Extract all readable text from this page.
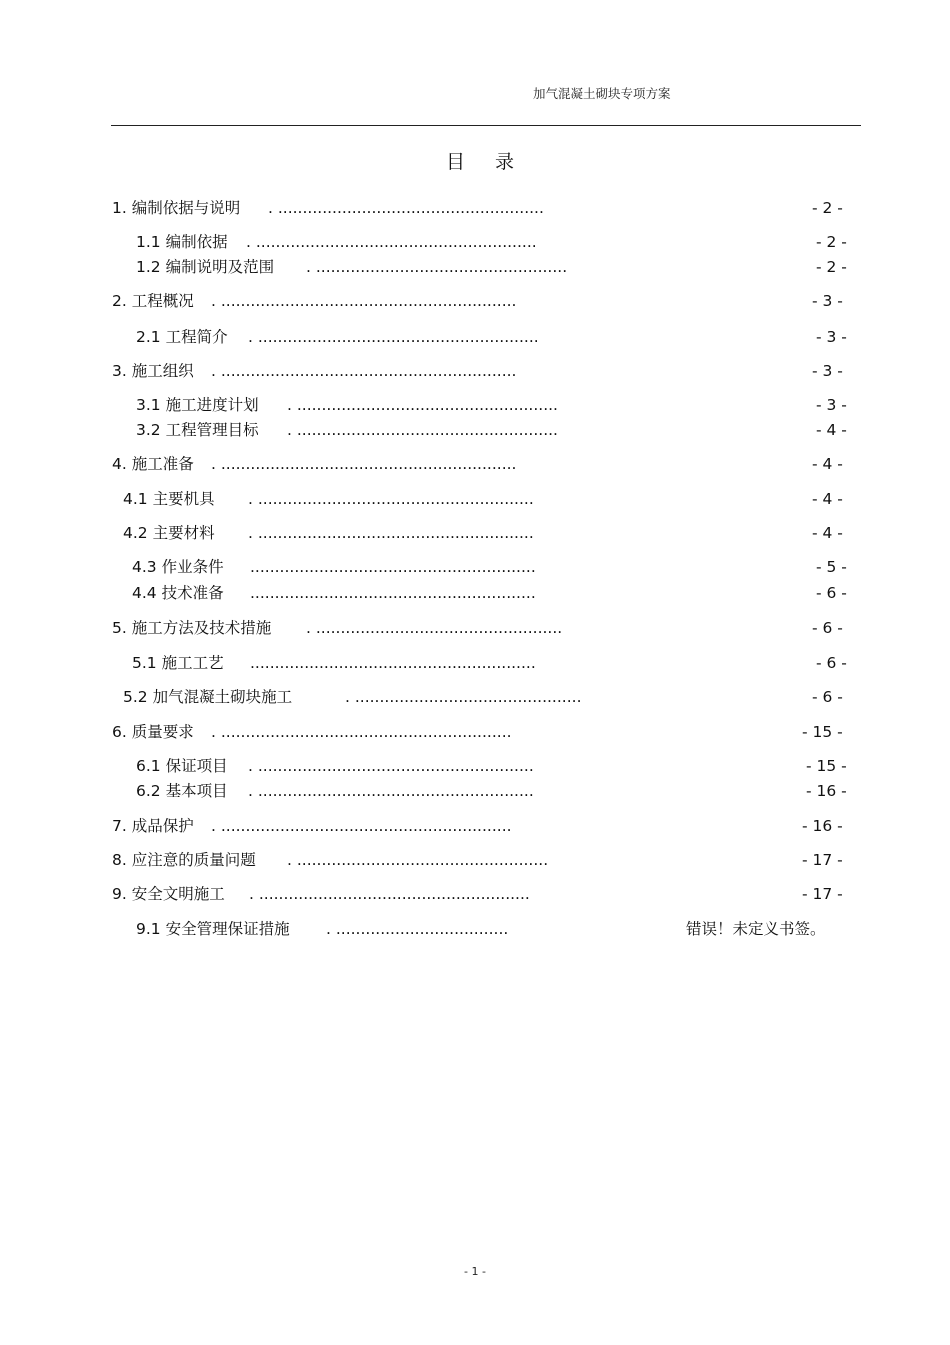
加气混凝土砌块专项方案
目 录
1. 编制依据与说明 . ......................................................	- 2 -
1.1 编制依据 . .........................................................	- 2 -
1.2 编制说明及范围 . ...................................................	- 2 -
2. 工程概况 . ............................................................	- 3 -
2.1 工程简介 . .........................................................	- 3 -
3. 施工组织 . ............................................................	- 3 -
3.1 施工进度计划 . .....................................................	- 3 -
3.2 工程管理目标 . .....................................................	- 4 -
4. 施工准备 . ............................................................	- 4 -
4.1 主要机具 . ........................................................	- 4 -
4.2 主要材料 . ........................................................	- 4 -
4.3 作业条件 ..........................................................	- 5 -
4.4 技术准备 ..........................................................	- 6 -
5. 施工方法及技术措施 . ..................................................	- 6 -
5.1 施工工艺 ..........................................................	- 6 -
5.2 加气混凝土砌块施工	. ..............................................	- 6 -
6. 质量要求 . ...........................................................	- 15 -
6.1 保证项目 . ........................................................	- 15 -
6.2 基本项目 . ........................................................	- 16 -
7. 成品保护 . ...........................................................	- 16 -
8. 应注意的质量问题 . ...................................................	- 17 -
9. 安全文明施工 . .......................................................	- 17 -
9.1 安全管理保证措施 . ...................................	错误！未定义书签。
- 1 -
